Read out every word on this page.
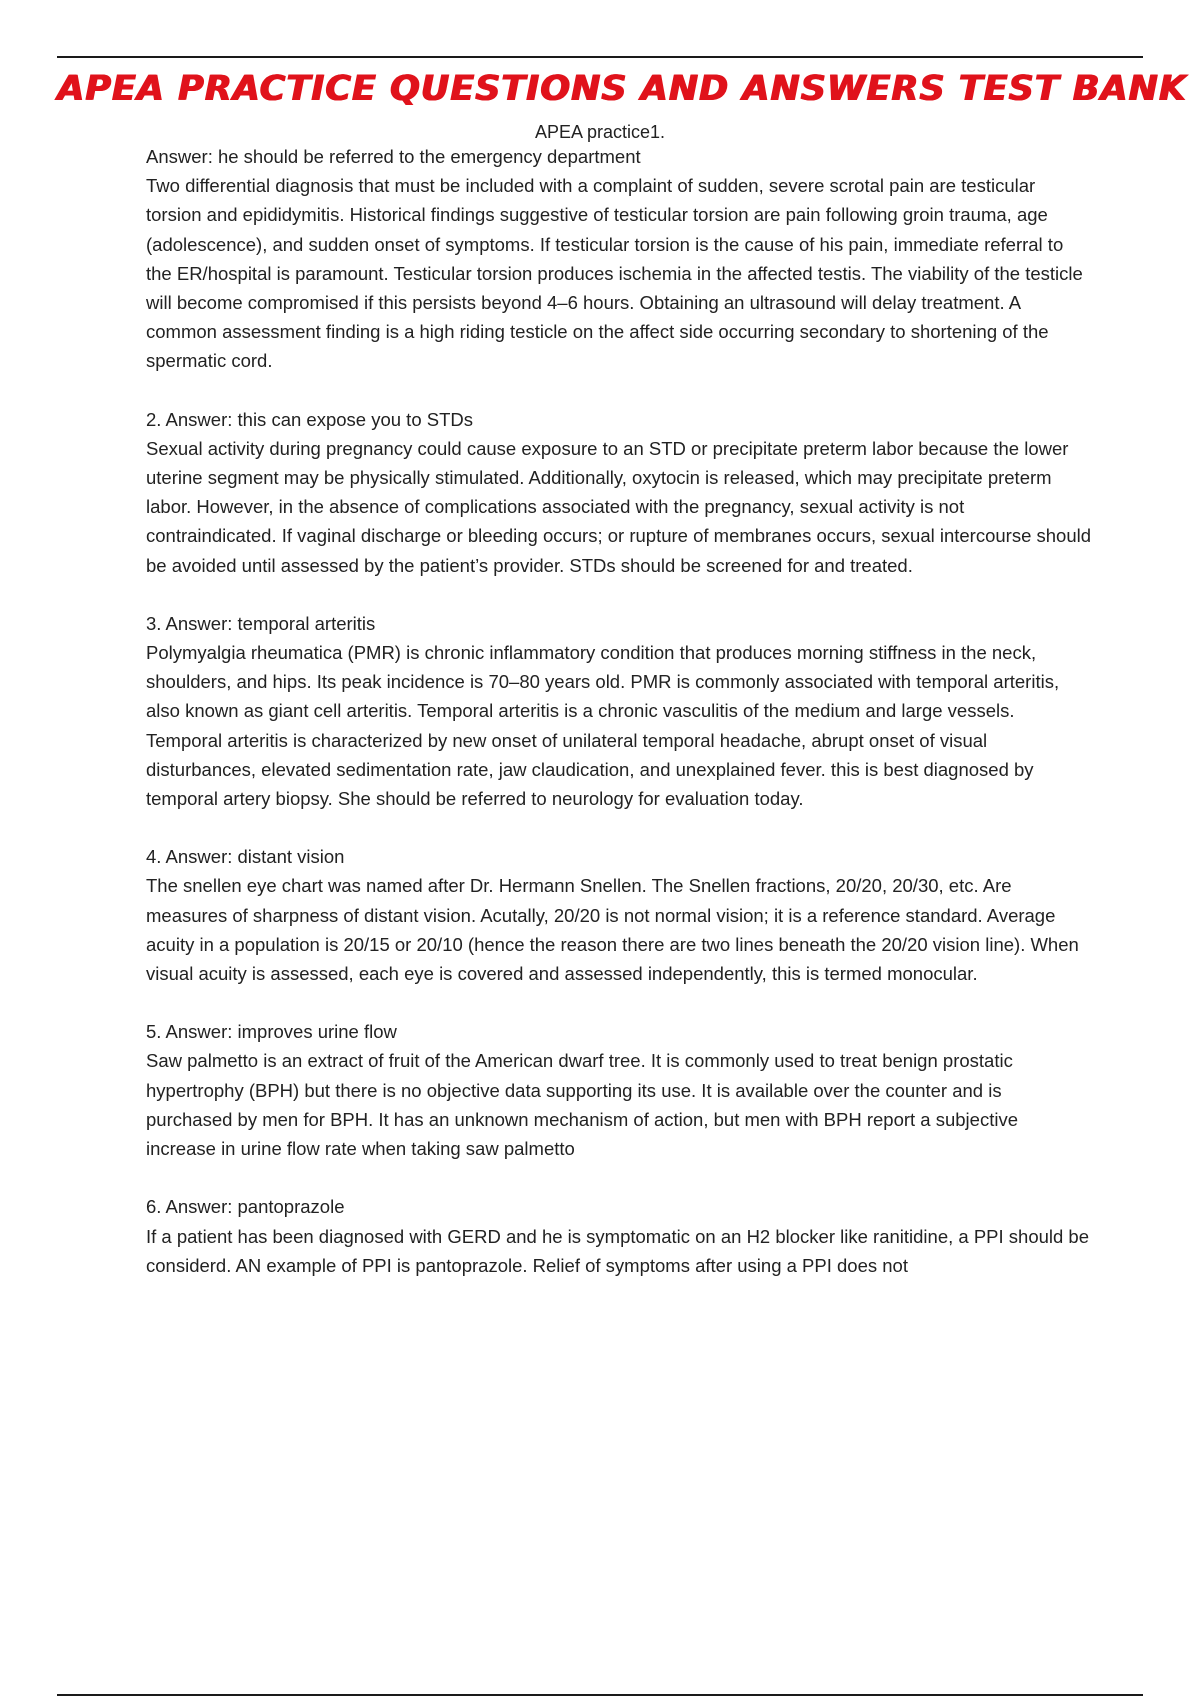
APEA PRACTICE QUESTIONS AND ANSWERS TEST BANK
APEA practice1.
Answer: he should be referred to the emergency department
Two differential diagnosis that must be included with a complaint of sudden, severe scrotal pain are testicular torsion and epididymitis. Historical findings suggestive of testicular torsion are pain following groin trauma, age (adolescence), and sudden onset of symptoms. If testicular torsion is the cause of his pain, immediate referral to the ER/hospital is paramount. Testicular torsion produces ischemia in the affected testis. The viability of the testicle will become compromised if this persists beyond 4–6 hours. Obtaining an ultrasound will delay treatment. A common assessment finding is a high riding testicle on the affect side occurring secondary to shortening of the spermatic cord.
2. Answer: this can expose you to STDs
Sexual activity during pregnancy could cause exposure to an STD or precipitate preterm labor because the lower uterine segment may be physically stimulated. Additionally, oxytocin is released, which may precipitate preterm labor. However, in the absence of complications associated with the pregnancy, sexual activity is not contraindicated. If vaginal discharge or bleeding occurs; or rupture of membranes occurs, sexual intercourse should be avoided until assessed by the patient’s provider. STDs should be screened for and treated.
3. Answer: temporal arteritis
Polymyalgia rheumatica (PMR) is chronic inflammatory condition that produces morning stiffness in the neck, shoulders, and hips. Its peak incidence is 70–80 years old. PMR is commonly associated with temporal arteritis, also known as giant cell arteritis. Temporal arteritis is a chronic vasculitis of the medium and large vessels. Temporal arteritis is characterized by new onset of unilateral temporal headache, abrupt onset of visual disturbances, elevated sedimentation rate, jaw claudication, and unexplained fever. this is best diagnosed by temporal artery biopsy. She should be referred to neurology for evaluation today.
4. Answer: distant vision
The snellen eye chart was named after Dr. Hermann Snellen. The Snellen fractions, 20/20, 20/30, etc. Are measures of sharpness of distant vision. Acutally, 20/20 is not normal vision; it is a reference standard. Average acuity in a population is 20/15 or 20/10 (hence the reason there are two lines beneath the 20/20 vision line). When visual acuity is assessed, each eye is covered and assessed independently, this is termed monocular.
5. Answer: improves urine flow
Saw palmetto is an extract of fruit of the American dwarf tree. It is commonly used to treat benign prostatic hypertrophy (BPH) but there is no objective data supporting its use. It is available over the counter and is purchased by men for BPH. It has an unknown mechanism of action, but men with BPH report a subjective increase in urine flow rate when taking saw palmetto
6. Answer: pantoprazole
If a patient has been diagnosed with GERD and he is symptomatic on an H2 blocker like ranitidine, a PPI should be considerd. AN example of PPI is pantoprazole. Relief of symptoms after using a PPI does not
